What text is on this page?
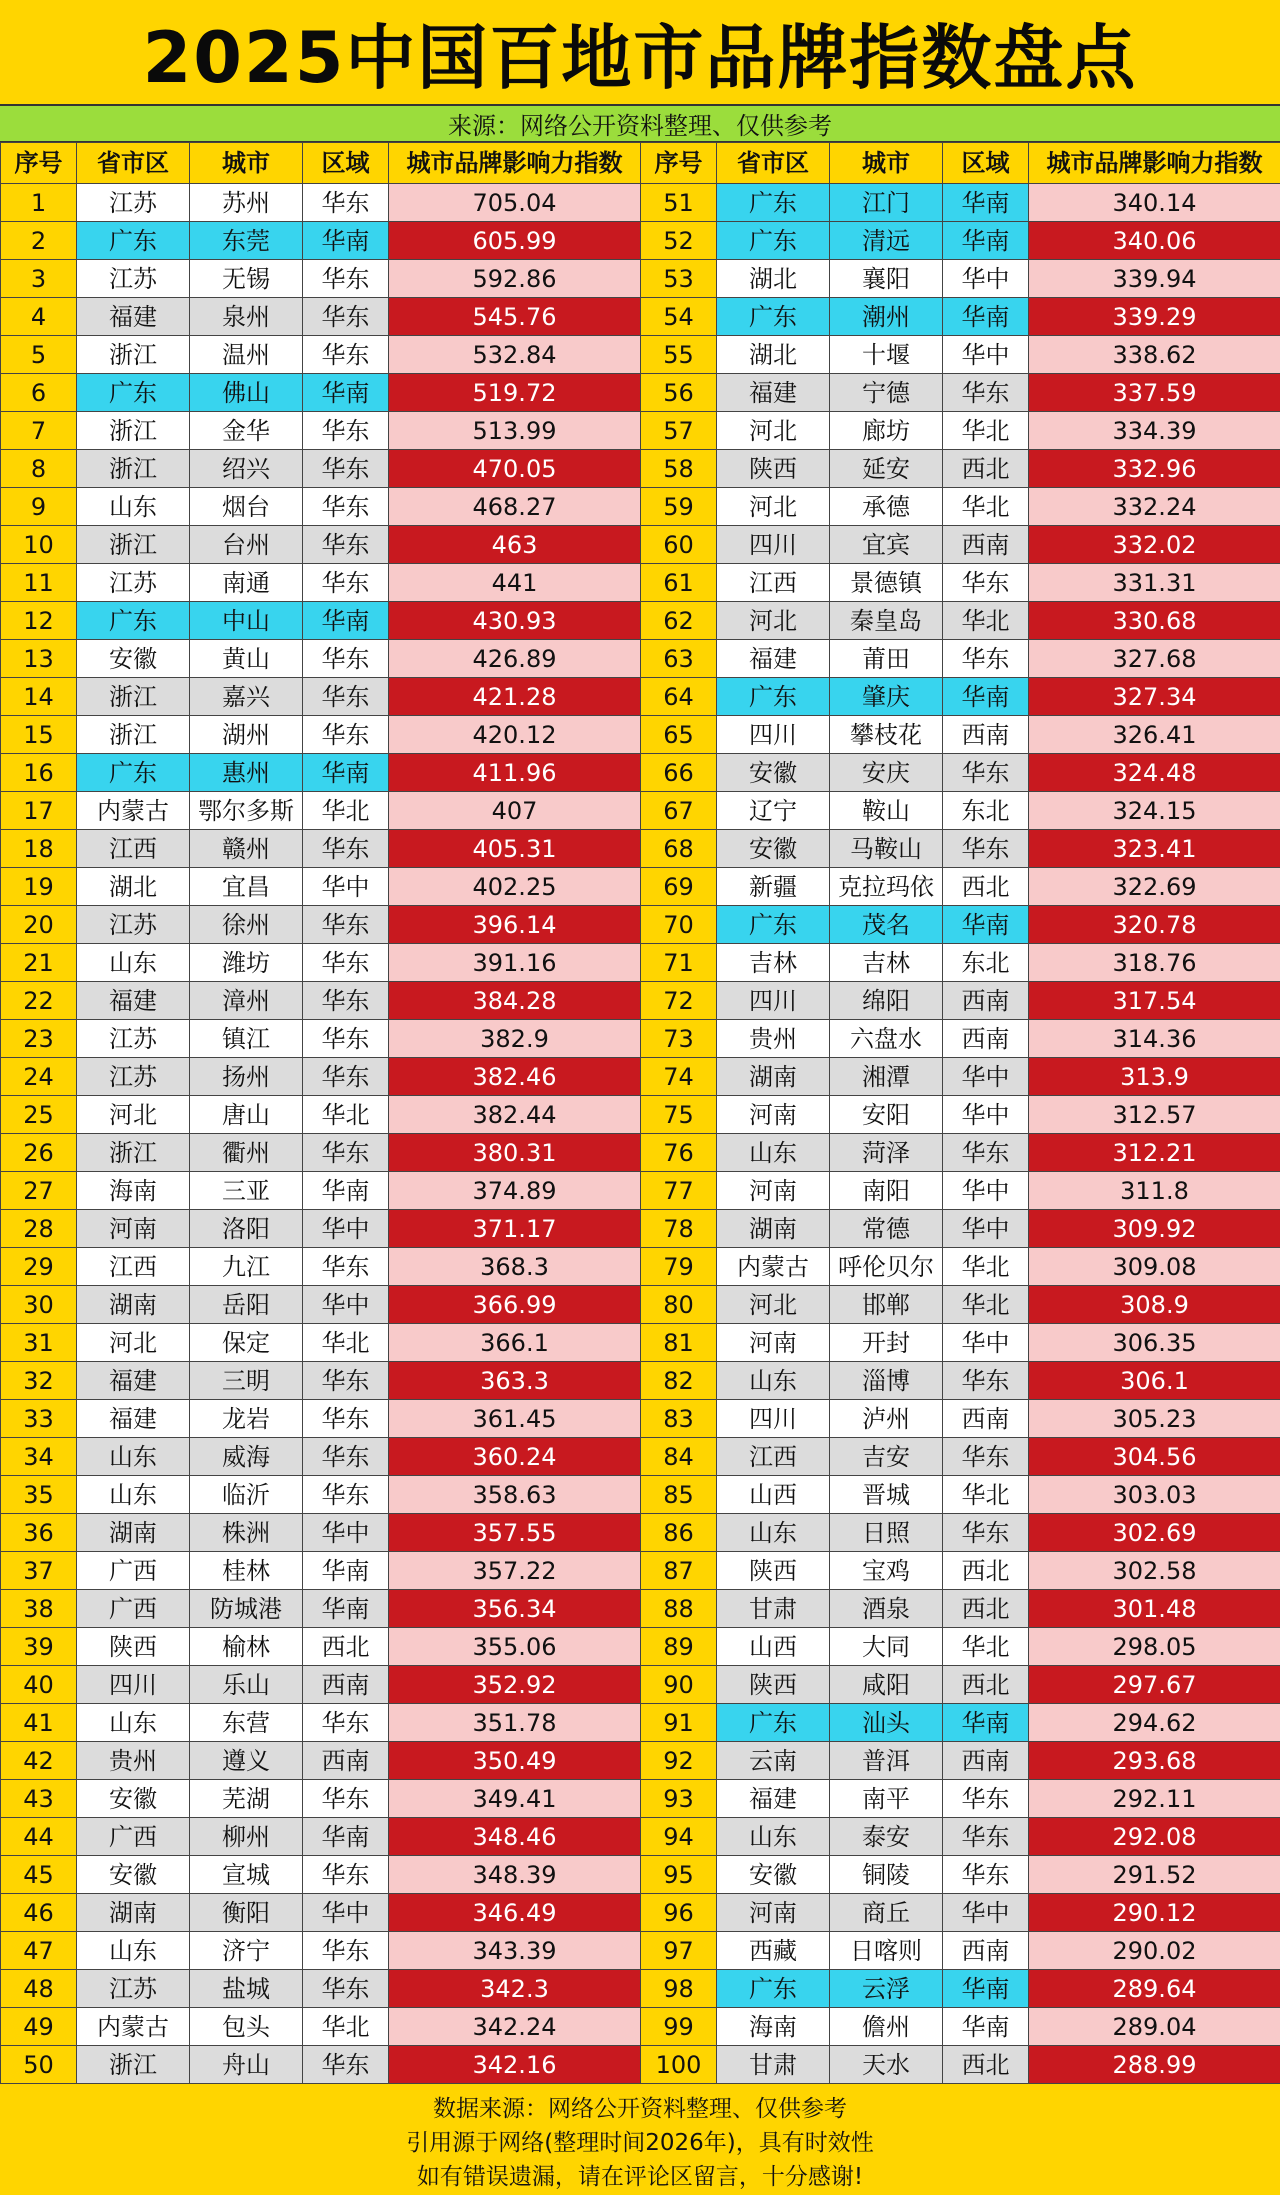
2025中国百地市品牌指数盘点
来源：网络公开资料整理、仅供参考
序号	省市区	城市	区域	城市品牌影响力指数	序号	省市区	城市	区域	城市品牌影响力指数
1	江苏	苏州	华东	705.04	51	广东	江门	华南	340.14
2	广东	东莞	华南	605.99	52	广东	清远	华南	340.06
3	江苏	无锡	华东	592.86	53	湖北	襄阳	华中	339.94
4	福建	泉州	华东	545.76	54	广东	潮州	华南	339.29
5	浙江	温州	华东	532.84	55	湖北	十堰	华中	338.62
6	广东	佛山	华南	519.72	56	福建	宁德	华东	337.59
7	浙江	金华	华东	513.99	57	河北	廊坊	华北	334.39
8	浙江	绍兴	华东	470.05	58	陕西	延安	西北	332.96
9	山东	烟台	华东	468.27	59	河北	承德	华北	332.24
10	浙江	台州	华东	463	60	四川	宜宾	西南	332.02
11	江苏	南通	华东	441	61	江西	景德镇	华东	331.31
12	广东	中山	华南	430.93	62	河北	秦皇岛	华北	330.68
13	安徽	黄山	华东	426.89	63	福建	莆田	华东	327.68
14	浙江	嘉兴	华东	421.28	64	广东	肇庆	华南	327.34
15	浙江	湖州	华东	420.12	65	四川	攀枝花	西南	326.41
16	广东	惠州	华南	411.96	66	安徽	安庆	华东	324.48
17	内蒙古	鄂尔多斯	华北	407	67	辽宁	鞍山	东北	324.15
18	江西	赣州	华东	405.31	68	安徽	马鞍山	华东	323.41
19	湖北	宜昌	华中	402.25	69	新疆	克拉玛依	西北	322.69
20	江苏	徐州	华东	396.14	70	广东	茂名	华南	320.78
21	山东	潍坊	华东	391.16	71	吉林	吉林	东北	318.76
22	福建	漳州	华东	384.28	72	四川	绵阳	西南	317.54
23	江苏	镇江	华东	382.9	73	贵州	六盘水	西南	314.36
24	江苏	扬州	华东	382.46	74	湖南	湘潭	华中	313.9
25	河北	唐山	华北	382.44	75	河南	安阳	华中	312.57
26	浙江	衢州	华东	380.31	76	山东	菏泽	华东	312.21
27	海南	三亚	华南	374.89	77	河南	南阳	华中	311.8
28	河南	洛阳	华中	371.17	78	湖南	常德	华中	309.92
29	江西	九江	华东	368.3	79	内蒙古	呼伦贝尔	华北	309.08
30	湖南	岳阳	华中	366.99	80	河北	邯郸	华北	308.9
31	河北	保定	华北	366.1	81	河南	开封	华中	306.35
32	福建	三明	华东	363.3	82	山东	淄博	华东	306.1
33	福建	龙岩	华东	361.45	83	四川	泸州	西南	305.23
34	山东	威海	华东	360.24	84	江西	吉安	华东	304.56
35	山东	临沂	华东	358.63	85	山西	晋城	华北	303.03
36	湖南	株洲	华中	357.55	86	山东	日照	华东	302.69
37	广西	桂林	华南	357.22	87	陕西	宝鸡	西北	302.58
38	广西	防城港	华南	356.34	88	甘肃	酒泉	西北	301.48
39	陕西	榆林	西北	355.06	89	山西	大同	华北	298.05
40	四川	乐山	西南	352.92	90	陕西	咸阳	西北	297.67
41	山东	东营	华东	351.78	91	广东	汕头	华南	294.62
42	贵州	遵义	西南	350.49	92	云南	普洱	西南	293.68
43	安徽	芜湖	华东	349.41	93	福建	南平	华东	292.11
44	广西	柳州	华南	348.46	94	山东	泰安	华东	292.08
45	安徽	宣城	华东	348.39	95	安徽	铜陵	华东	291.52
46	湖南	衡阳	华中	346.49	96	河南	商丘	华中	290.12
47	山东	济宁	华东	343.39	97	西藏	日喀则	西南	290.02
48	江苏	盐城	华东	342.3	98	广东	云浮	华南	289.64
49	内蒙古	包头	华北	342.24	99	海南	儋州	华南	289.04
50	浙江	舟山	华东	342.16	100	甘肃	天水	西北	288.99
数据来源：网络公开资料整理、仅供参考
引用源于网络(整理时间2026年)，具有时效性
如有错误遗漏，请在评论区留言，十分感谢!
